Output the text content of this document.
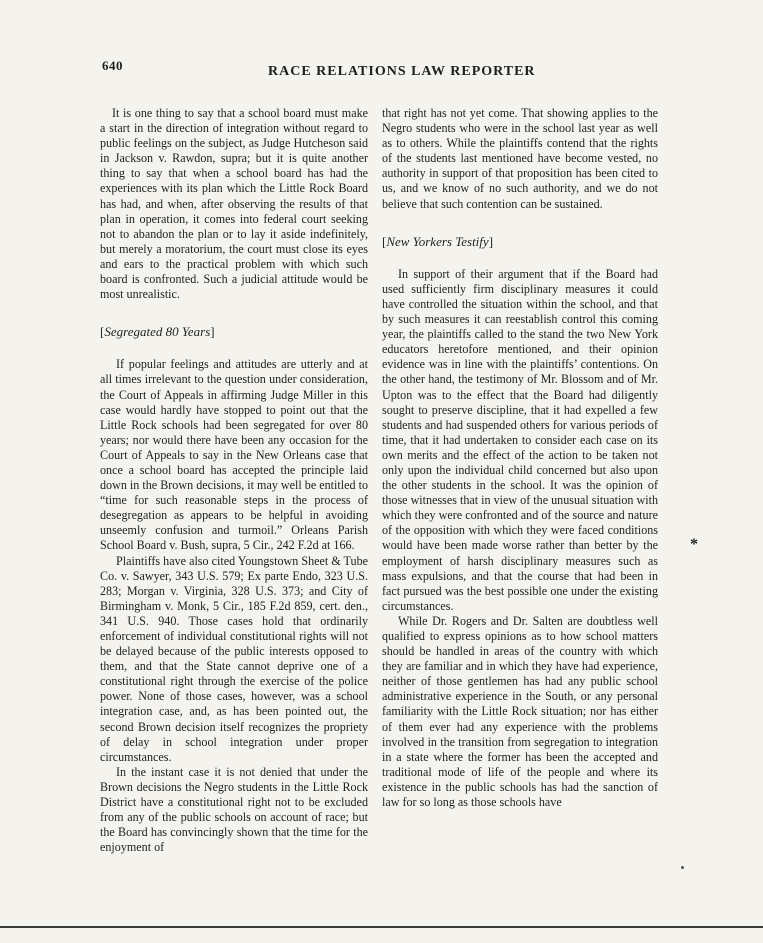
640	RACE RELATIONS LAW REPORTER

It is one thing to say that a school board must make a start in the direction of integration without regard to public feelings on the subject, as Judge Hutcheson said in Jackson v. Rawdon, supra; but it is quite another thing to say that when a school board has had the experiences with its plan which the Little Rock Board has had, and when, after observing the results of that plan in operation, it comes into federal court seeking not to abandon the plan or to lay it aside indefinitely, but merely a moratorium, the court must close its eyes and ears to the practical problem with which such board is confronted. Such a judicial attitude would be most unrealistic.

[Segregated 80 Years]

If popular feelings and attitudes are utterly and at all times irrelevant to the question under consideration, the Court of Appeals in affirming Judge Miller in this case would hardly have stopped to point out that the Little Rock schools had been segregated for over 80 years; nor would there have been any occasion for the Court of Appeals to say in the New Orleans case that once a school board has accepted the principle laid down in the Brown decisions, it may well be entitled to “time for such reasonable steps in the process of desegregation as appears to be helpful in avoiding unseemly confusion and turmoil.” Orleans Parish School Board v. Bush, supra, 5 Cir., 242 F.2d at 166.

Plaintiffs have also cited Youngstown Sheet & Tube Co. v. Sawyer, 343 U.S. 579; Ex parte Endo, 323 U.S. 283; Morgan v. Virginia, 328 U.S. 373; and City of Birmingham v. Monk, 5 Cir., 185 F.2d 859, cert. den., 341 U.S. 940. Those cases hold that ordinarily enforcement of individual constitutional rights will not be delayed because of the public interests opposed to them, and that the State cannot deprive one of a constitutional right through the exercise of the police power. None of those cases, however, was a school integration case, and, as has been pointed out, the second Brown decision itself recognizes the propriety of delay in school integration under proper circumstances.

In the instant case it is not denied that under the Brown decisions the Negro students in the Little Rock District have a constitutional right not to be excluded from any of the public schools on account of race; but the Board has convincingly shown that the time for the enjoyment of

that right has not yet come. That showing applies to the Negro students who were in the school last year as well as to others. While the plaintiffs contend that the rights of the students last mentioned have become vested, no authority in support of that proposition has been cited to us, and we know of no such authority, and we do not believe that such contention can be sustained.

[New Yorkers Testify]

In support of their argument that if the Board had used sufficiently firm disciplinary measures it could have controlled the situation within the school, and that by such measures it can reestablish control this coming year, the plaintiffs called to the stand the two New York educators heretofore mentioned, and their opinion evidence was in line with the plaintiffs’ contentions. On the other hand, the testimony of Mr. Blossom and of Mr. Upton was to the effect that the Board had diligently sought to preserve discipline, that it had expelled a few students and had suspended others for various periods of time, that it had undertaken to consider each case on its own merits and the effect of the action to be taken not only upon the individual child concerned but also upon the other students in the school. It was the opinion of those witnesses that in view of the unusual situation with which they were confronted and of the source and nature of the opposition with which they were faced conditions would have been made worse rather than better by the employment of harsh disciplinary measures such as mass expulsions, and that the course that had been in fact pursued was the best possible one under the existing circumstances.

While Dr. Rogers and Dr. Salten are doubtless well qualified to express opinions as to how school matters should be handled in areas of the country with which they are familiar and in which they have had experience, neither of those gentlemen has had any public school administrative experience in the South, or any personal familiarity with the Little Rock situation; nor has either of them ever had any experience with the problems involved in the transition from segregation to integration in a state where the former has been the accepted and traditional mode of life of the people and where its existence in the public schools has had the sanction of law for so long as those schools have

*
